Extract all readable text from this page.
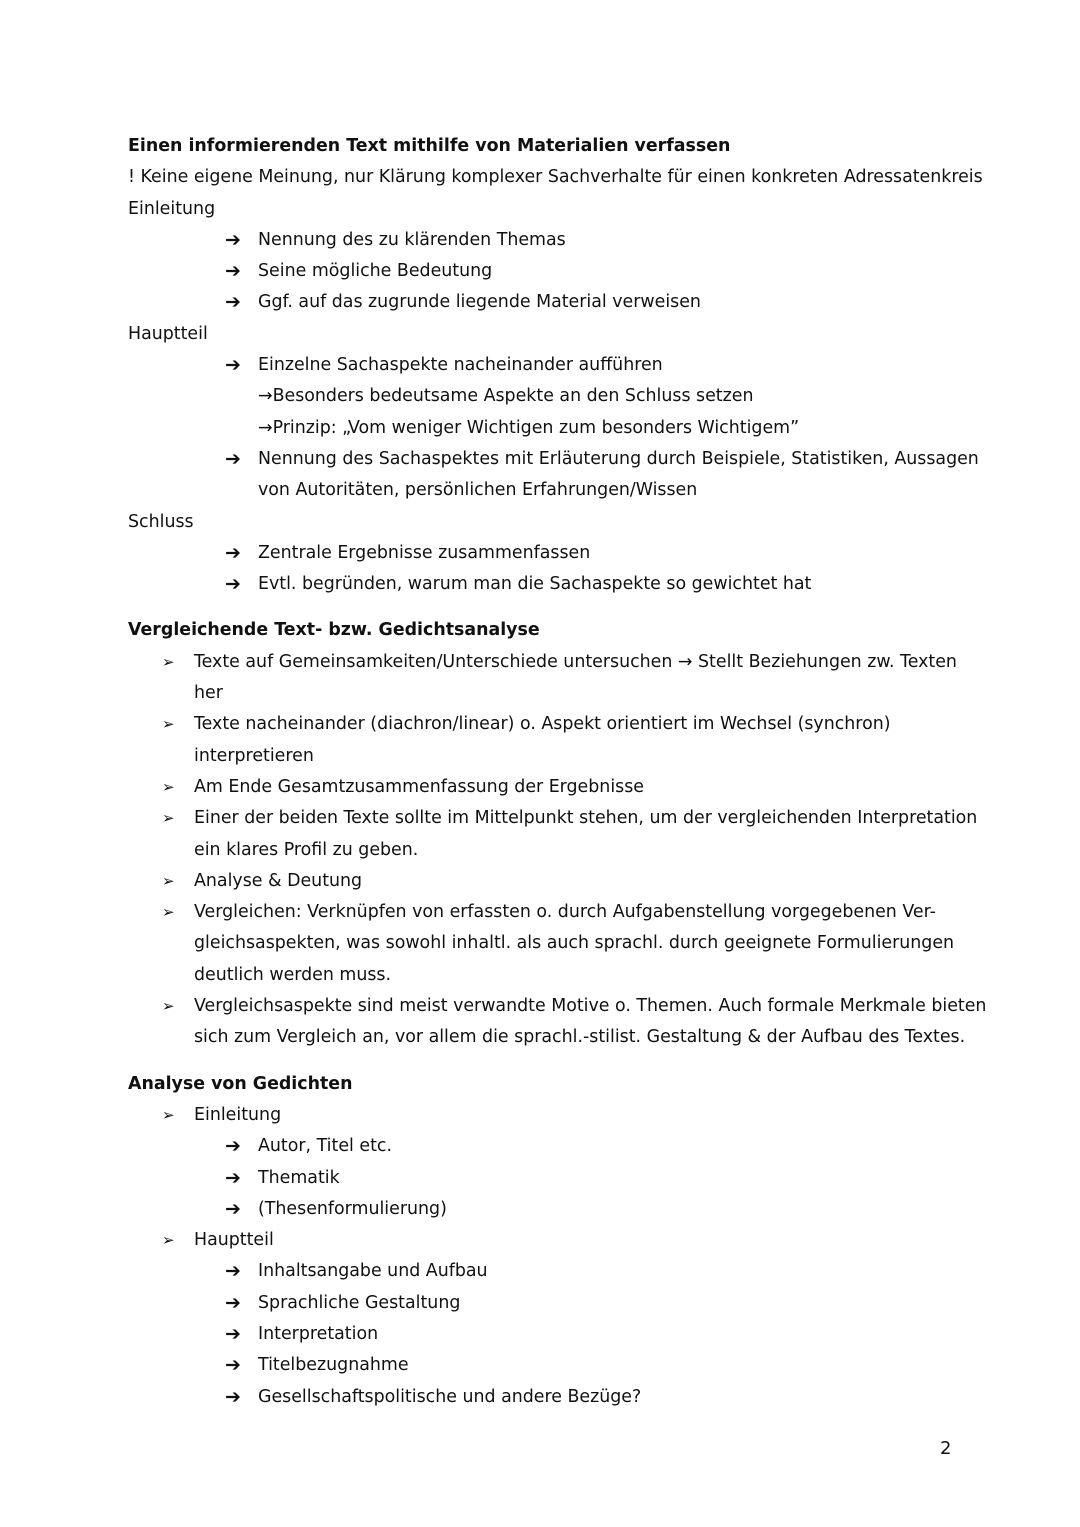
Einen informierenden Text mithilfe von Materialien verfassen
! Keine eigene Meinung, nur Klärung komplexer Sachverhalte für einen konkreten Adressatenkreis
Einleitung
➔ Nennung des zu klärenden Themas
➔ Seine mögliche Bedeutung
➔ Ggf. auf das zugrunde liegende Material verweisen
Hauptteil
➔ Einzelne Sachaspekte nacheinander aufführen
→Besonders bedeutsame Aspekte an den Schluss setzen
→Prinzip: „Vom weniger Wichtigen zum besonders Wichtigem”
➔ Nennung des Sachaspektes mit Erläuterung durch Beispiele, Statistiken, Aussagen
von Autoritäten, persönlichen Erfahrungen/Wissen
Schluss
➔ Zentrale Ergebnisse zusammenfassen
➔ Evtl. begründen, warum man die Sachaspekte so gewichtet hat
Vergleichende Text- bzw. Gedichtsanalyse
➢	Texte auf Gemeinsamkeiten/Unterschiede untersuchen → Stellt Beziehungen zw. Texten
her
➢	Texte nacheinander (diachron/linear) o. Aspekt orientiert im Wechsel (synchron)
interpretieren
➢	Am Ende Gesamtzusammenfassung der Ergebnisse
➢	Einer der beiden Texte sollte im Mittelpunkt stehen, um der vergleichenden Interpretation
ein klares Profil zu geben.
➢	Analyse & Deutung
➢	Vergleichen: Verknüpfen von erfassten o. durch Aufgabenstellung vorgegebenen Ver-
gleichsaspekten, was sowohl inhaltl. als auch sprachl. durch geeignete Formulierungen
deutlich werden muss.
➢	Vergleichsaspekte sind meist verwandte Motive o. Themen. Auch formale Merkmale bieten
sich zum Vergleich an, vor allem die sprachl.-stilist. Gestaltung & der Aufbau des Textes.
Analyse von Gedichten
➢	Einleitung
➔ Autor, Titel etc.
➔ Thematik
➔ (Thesenformulierung)
➢	Hauptteil
➔ Inhaltsangabe und Aufbau
➔ Sprachliche Gestaltung
➔ Interpretation
➔ Titelbezugnahme
➔ Gesellschaftspolitische und andere Bezüge?
2
